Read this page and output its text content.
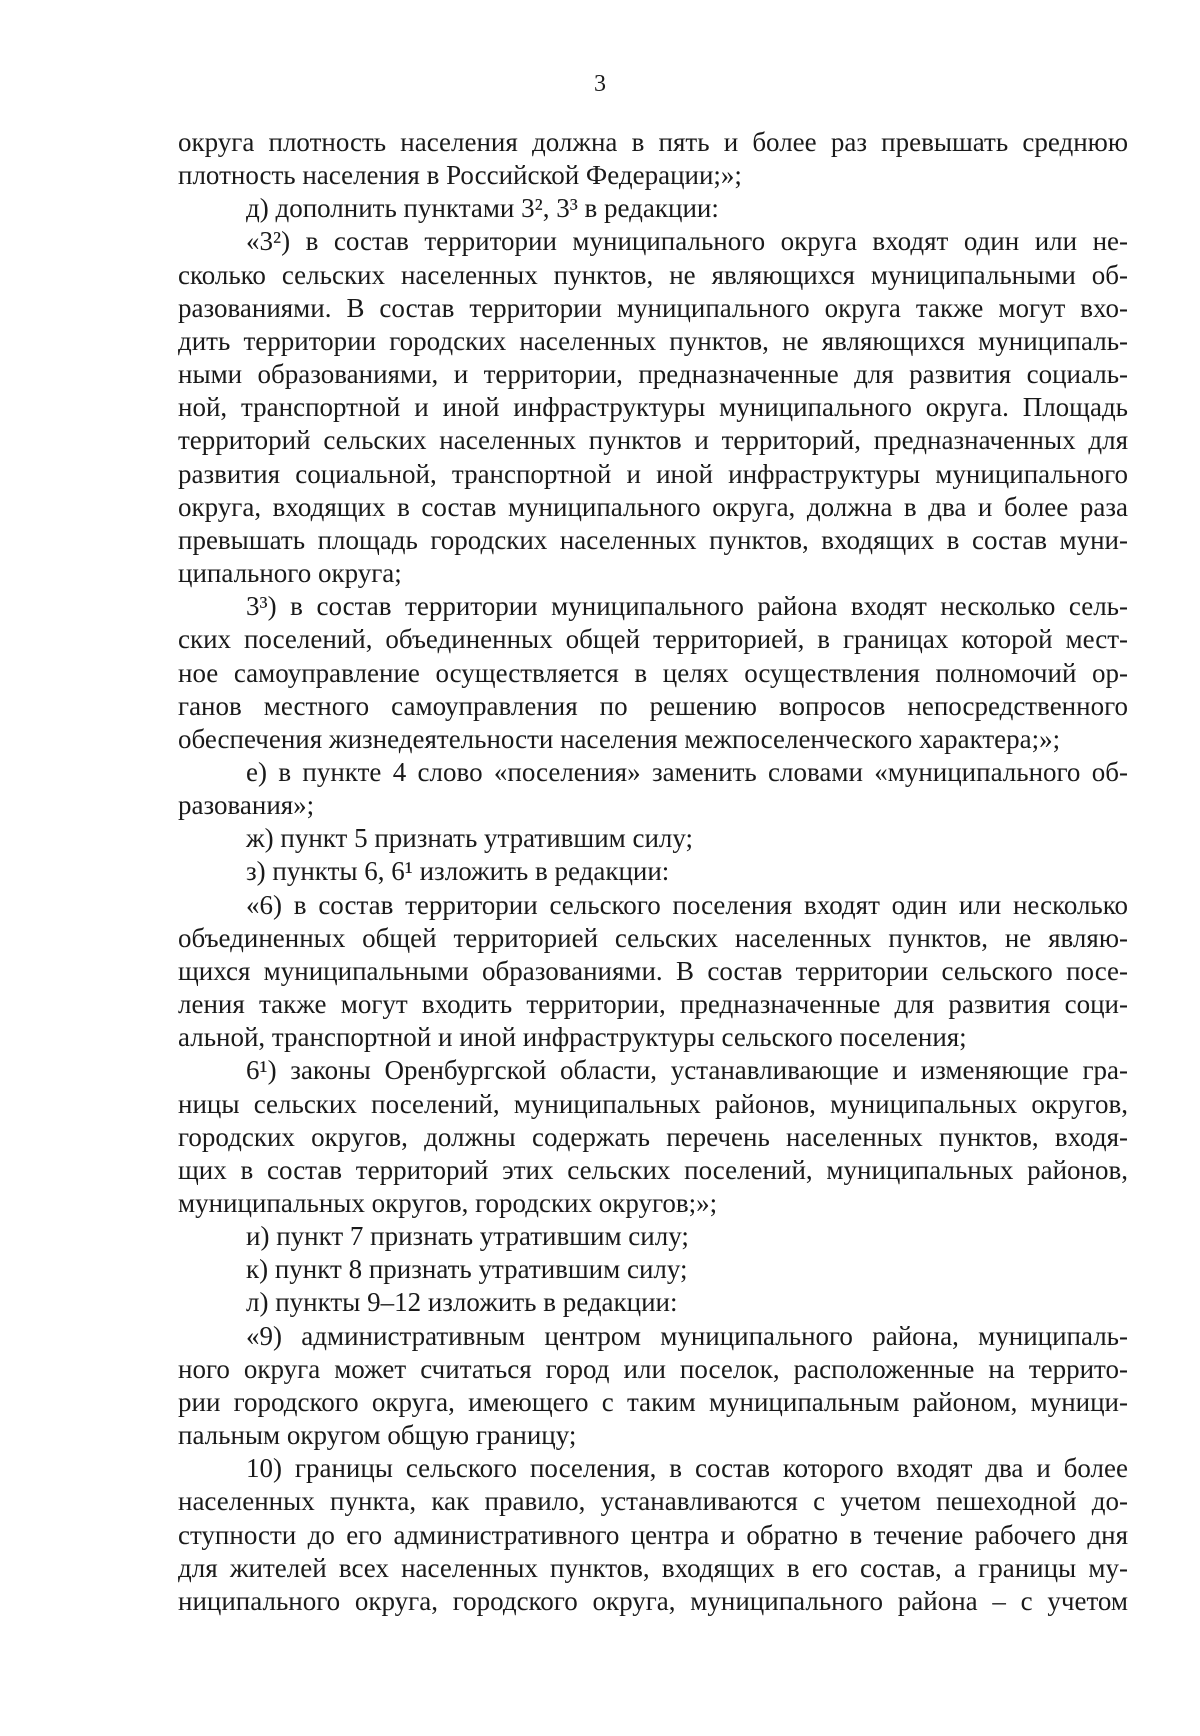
3
округа плотность населения должна в пять и более раз превышать среднюю
плотность населения в Российской Федерации;»;
д) дополнить пунктами 3², 3³ в редакции:
«3²) в состав территории муниципального округа входят один или не-
сколько сельских населенных пунктов, не являющихся муниципальными об-
разованиями. В состав территории муниципального округа также могут вхо-
дить территории городских населенных пунктов, не являющихся муниципаль-
ными образованиями, и территории, предназначенные для развития социаль-
ной, транспортной и иной инфраструктуры муниципального округа. Площадь
территорий сельских населенных пунктов и территорий, предназначенных для
развития социальной, транспортной и иной инфраструктуры муниципального
округа, входящих в состав муниципального округа, должна в два и более раза
превышать площадь городских населенных пунктов, входящих в состав муни-
ципального округа;
3³) в состав территории муниципального района входят несколько сель-
ских поселений, объединенных общей территорией, в границах которой мест-
ное самоуправление осуществляется в целях осуществления полномочий ор-
ганов местного самоуправления по решению вопросов непосредственного
обеспечения жизнедеятельности населения межпоселенческого характера;»;
е) в пункте 4 слово «поселения» заменить словами «муниципального об-
разования»;
ж) пункт 5 признать утратившим силу;
з) пункты 6, 6¹ изложить в редакции:
«6) в состав территории сельского поселения входят один или несколько
объединенных общей территорией сельских населенных пунктов, не являю-
щихся муниципальными образованиями. В состав территории сельского посе-
ления также могут входить территории, предназначенные для развития соци-
альной, транспортной и иной инфраструктуры сельского поселения;
6¹) законы Оренбургской области, устанавливающие и изменяющие гра-
ницы сельских поселений, муниципальных районов, муниципальных округов,
городских округов, должны содержать перечень населенных пунктов, входя-
щих в состав территорий этих сельских поселений, муниципальных районов,
муниципальных округов, городских округов;»;
и) пункт 7 признать утратившим силу;
к) пункт 8 признать утратившим силу;
л) пункты 9–12 изложить в редакции:
«9) административным центром муниципального района, муниципаль-
ного округа может считаться город или поселок, расположенные на террито-
рии городского округа, имеющего с таким муниципальным районом, муници-
пальным округом общую границу;
10) границы сельского поселения, в состав которого входят два и более
населенных пункта, как правило, устанавливаются с учетом пешеходной до-
ступности до его административного центра и обратно в течение рабочего дня
для жителей всех населенных пунктов, входящих в его состав, а границы му-
ниципального округа, городского округа, муниципального района – с учетом
